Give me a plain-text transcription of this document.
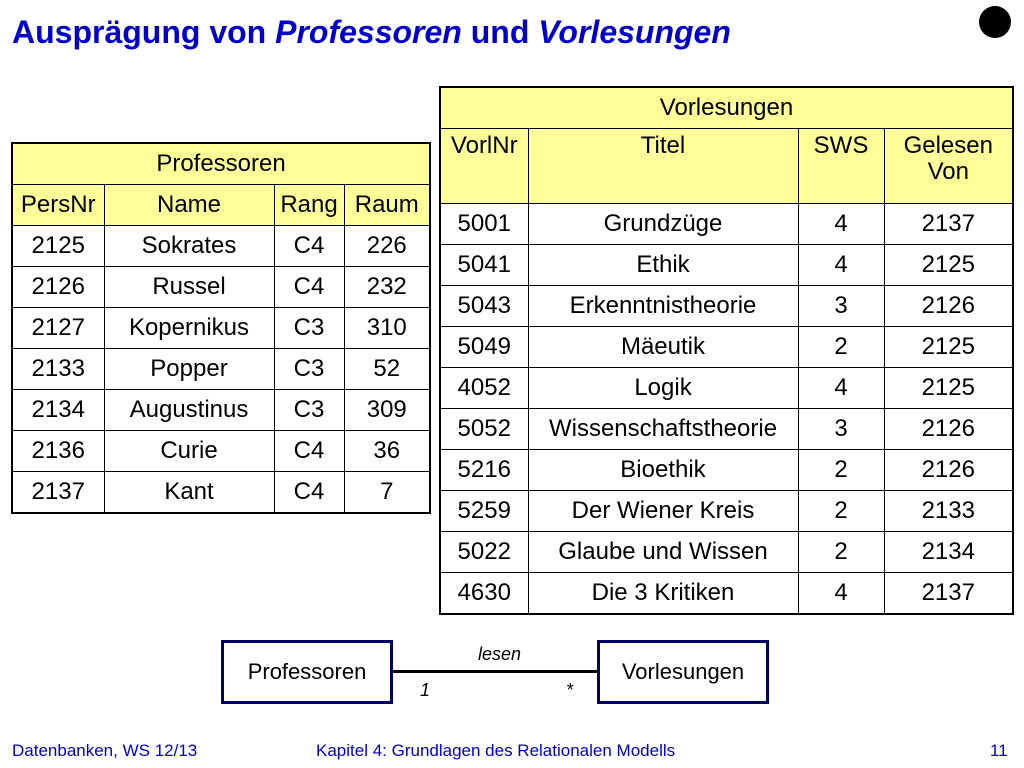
Ausprägung von Professoren und Vorlesungen
Professoren			
PersNr	Name	Rang	Raum
2125	Sokrates	C4	226
2126	Russel	C4	232
2127	Kopernikus	C3	310
2133	Popper	C3	52
2134	Augustinus	C3	309
2136	Curie	C4	36
2137	Kant	C4	7
Vorlesungen			
VorlNr	Titel	SWS	Gelesen Von
5001	Grundzüge	4	2137
5041	Ethik	4	2125
5043	Erkenntnistheorie	3	2126
5049	Mäeutik	2	2125
4052	Logik	4	2125
5052	Wissenschaftstheorie	3	2126
5216	Bioethik	2	2126
5259	Der Wiener Kreis	2	2133
5022	Glaube und Wissen	2	2134
4630	Die 3 Kritiken	4	2137
Professoren	Vorlesungen
lesen
1	*
Datenbanken, WS 12/13	Kapitel 4: Grundlagen des Relationalen Modells	11
